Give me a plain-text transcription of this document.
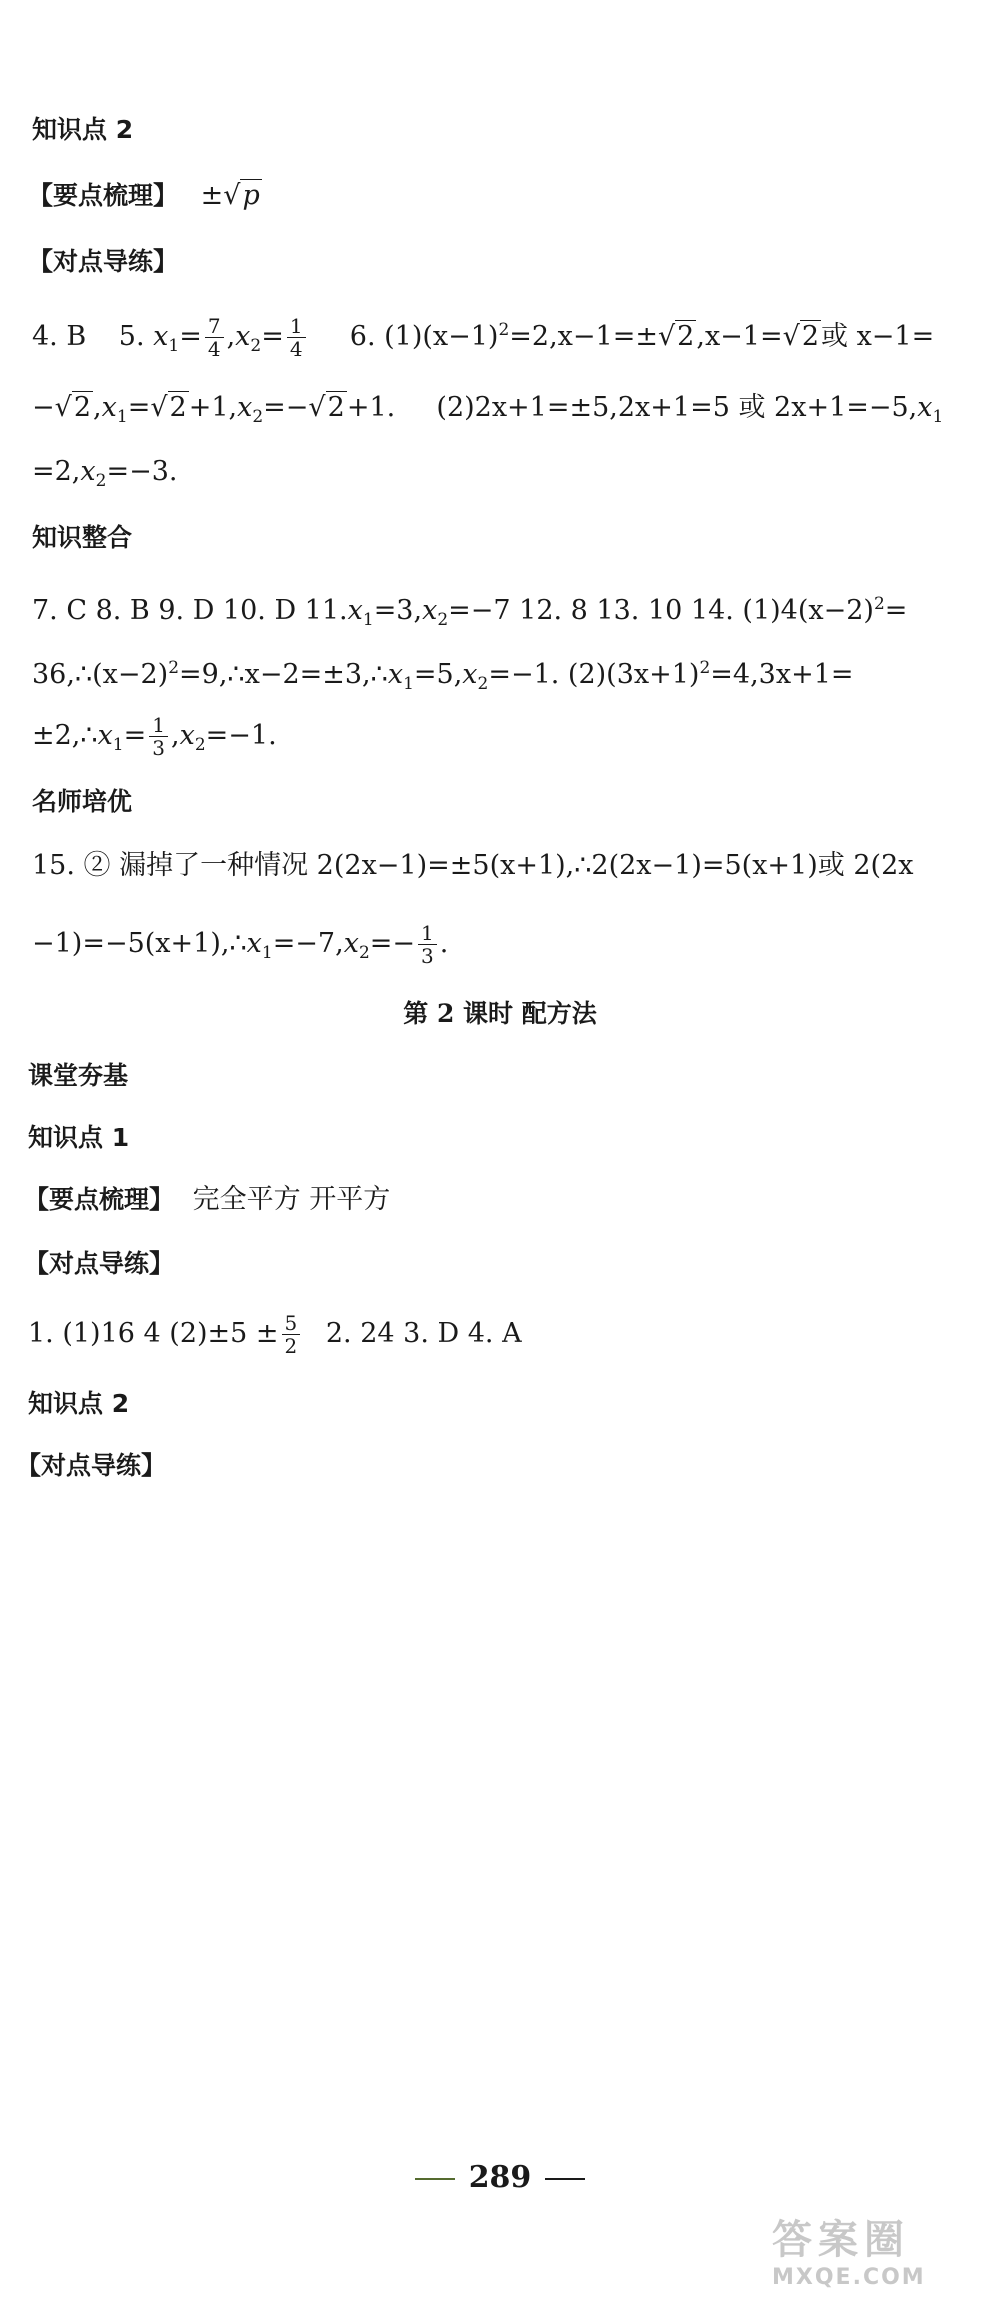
知识点 2
【要点梳理】 ±√p
【对点导练】
4. B 5. $x_1= \frac{7}{4} ,x_2= \frac{1}{4} 6$. $(1)(x-1)^2=2,x-1=\pm√2,x-1=√2$或 x−1=
$-√2,x_1=√2+1,x_2=-√2+1$. (2)2x+1=±5,2x+1=5 或 $2x+1=-5,x_1$
$=2,x_2=-3$.
知识整合
7. C 8. B 9. D 10. D $11.x_1=3,x_2=-7$ 12. 8 13. 10 14. $(1)4(x-2)^2=$
$36,\therefore(x-2)^2=9,\therefore x-2=\pm 3,\therefore x_1=5,x_2=-1$. $(2)(3x+1)^2=4,3x+1=$
$\pm 2,\therefore x_1= \frac{1}{3} ,x_2=-1$.
名师培优
15. ② 漏掉了一种情况 2(2x−1)=±5(x+1),∴2(2x−1)=5(x+1)或 2(2x
$-1)=-5(x+1),\therefore x_1=-7,x_2=- \frac{1}{3}$ .
第 2 课时 配方法
课堂夯基
知识点 1
【要点梳理】 完全平方 开平方
【对点导练】
1. (1)16 4 $(2)\pm 5 \pm \frac{5}{2} 2$. 24 3. D 4. A
知识点 2
【对点导练】
289
答案圈
MXQE.COM
